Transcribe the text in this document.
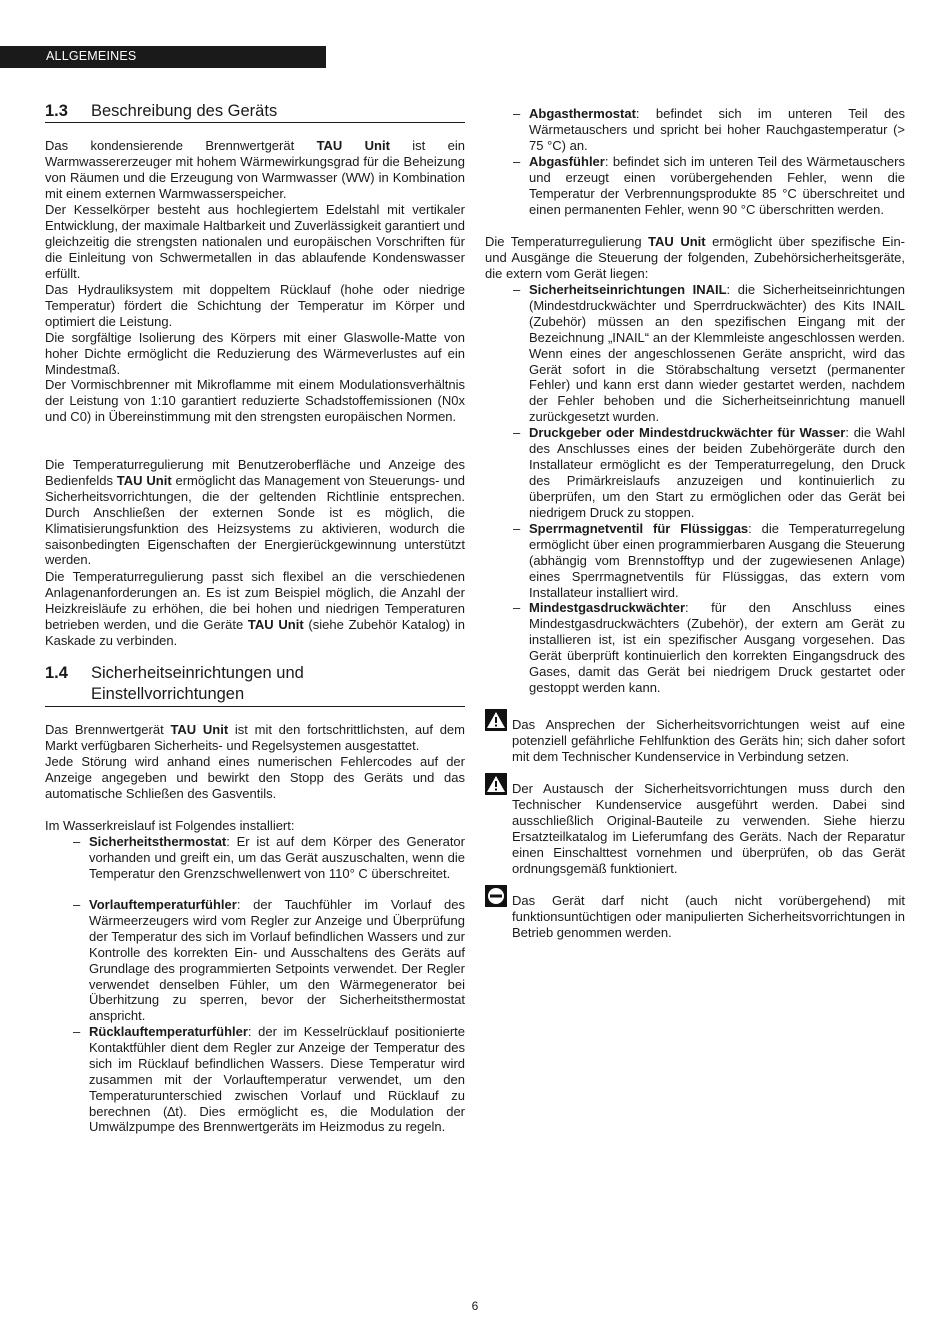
ALLGEMEINES
1.3 Beschreibung des Geräts
Das kondensierende Brennwertgerät TAU Unit ist ein Warmwassererzeuger mit hohem Wärmewirkungsgrad für die Beheizung von Räumen und die Erzeugung von Warmwasser (WW) in Kombination mit einem externen Warmwasserspeicher.
Der Kesselkörper besteht aus hochlegiertem Edelstahl mit vertikaler Entwicklung, der maximale Haltbarkeit und Zuverlässigkeit garantiert und gleichzeitig die strengsten nationalen und europäischen Vorschriften für die Einleitung von Schwermetallen in das ablaufende Kondenswasser erfüllt.
Das Hydrauliksystem mit doppeltem Rücklauf (hohe oder niedrige Temperatur) fördert die Schichtung der Temperatur im Körper und optimiert die Leistung.
Die sorgfältige Isolierung des Körpers mit einer Glaswolle-Matte von hoher Dichte ermöglicht die Reduzierung des Wärmeverlustes auf ein Mindestmaß.
Der Vormischbrenner mit Mikroflamme mit einem Modulationsverhältnis der Leistung von 1:10 garantiert reduzierte Schadstoffemissionen (N0x und C0) in Übereinstimmung mit den strengsten europäischen Normen.
Die Temperaturregulierung mit Benutzeroberfläche und Anzeige des Bedienfelds TAU Unit ermöglicht das Management von Steuerungs- und Sicherheitsvorrichtungen, die der geltenden Richtlinie entsprechen. Durch Anschließen der externen Sonde ist es möglich, die Klimatisierungsfunktion des Heizsystems zu aktivieren, wodurch die saisonbedingten Eigenschaften der Energierückgewinnung unterstützt werden.
Die Temperaturregulierung passt sich flexibel an die verschiedenen Anlagenanforderungen an. Es ist zum Beispiel möglich, die Anzahl der Heizkreisläufe zu erhöhen, die bei hohen und niedrigen Temperaturen betrieben werden, und die Geräte TAU Unit (siehe Zubehör Katalog) in Kaskade zu verbinden.
1.4 Sicherheitseinrichtungen und
Einstellvorrichtungen
Das Brennwertgerät TAU Unit ist mit den fortschrittlichsten, auf dem Markt verfügbaren Sicherheits- und Regelsystemen ausgestattet.
Jede Störung wird anhand eines numerischen Fehlercodes auf der Anzeige angegeben und bewirkt den Stopp des Geräts und das automatische Schließen des Gasventils.
Im Wasserkreislauf ist Folgendes installiert:
– Sicherheitsthermostat: Er ist auf dem Körper des Generator vorhanden und greift ein, um das Gerät auszuschalten, wenn die Temperatur den Grenzschwellenwert von 110° C überschreitet.
– Vorlauftemperaturfühler: der Tauchfühler im Vorlauf des Wärmeerzeugers wird vom Regler zur Anzeige und Überprüfung der Temperatur des sich im Vorlauf befindlichen Wassers und zur Kontrolle des korrekten Ein- und Ausschaltens des Geräts auf Grundlage des programmierten Setpoints verwendet. Der Regler verwendet denselben Fühler, um den Wärmegenerator bei Überhitzung zu sperren, bevor der Sicherheitsthermostat anspricht.
– Rücklauftemperaturfühler: der im Kesselrücklauf positionierte Kontaktfühler dient dem Regler zur Anzeige der Temperatur des sich im Rücklauf befindlichen Wassers. Diese Temperatur wird zusammen mit der Vorlauftemperatur verwendet, um den Temperaturunterschied zwischen Vorlauf und Rücklauf zu berechnen (∆t). Dies ermöglicht es, die Modulation der Umwälzpumpe des Brennwertgeräts im Heizmodus zu regeln.
– Abgasthermostat: befindet sich im unteren Teil des Wärmetauschers und spricht bei hoher Rauchgastemperatur (> 75 °C) an.
– Abgasfühler: befindet sich im unteren Teil des Wärmetauschers und erzeugt einen vorübergehenden Fehler, wenn die Temperatur der Verbrennungsprodukte 85 °C überschreitet und einen permanenten Fehler, wenn 90 °C überschritten werden.
Die Temperaturregulierung TAU Unit ermöglicht über spezifische Ein- und Ausgänge die Steuerung der folgenden, Zubehörsicherheitsgeräte, die extern vom Gerät liegen:
– Sicherheitseinrichtungen INAIL: die Sicherheitseinrichtungen (Mindestdruckwächter und Sperrdruckwächter) des Kits INAIL (Zubehör) müssen an den spezifischen Eingang mit der Bezeichnung „INAIL“ an der Klemmleiste angeschlossen werden. Wenn eines der angeschlossenen Geräte anspricht, wird das Gerät sofort in die Störabschaltung versetzt (permanenter Fehler) und kann erst dann wieder gestartet werden, nachdem der Fehler behoben und die Sicherheitseinrichtung manuell zurückgesetzt wurden.
– Druckgeber oder Mindestdruckwächter für Wasser: die Wahl des Anschlusses eines der beiden Zubehörgeräte durch den Installateur ermöglicht es der Temperaturregelung, den Druck des Primärkreislaufs anzuzeigen und kontinuierlich zu überprüfen, um den Start zu ermöglichen oder das Gerät bei niedrigem Druck zu stoppen.
– Sperrmagnetventil für Flüssiggas: die Temperaturregelung ermöglicht über einen programmierbaren Ausgang die Steuerung (abhängig vom Brennstofftyp und der zugewiesenen Anlage) eines Sperrmagnetventils für Flüssiggas, das extern vom Installateur installiert wird.
– Mindestgasdruckwächter: für den Anschluss eines Mindestgasdruckwächters (Zubehör), der extern am Gerät zu installieren ist, ist ein spezifischer Ausgang vorgesehen. Das Gerät überprüft kontinuierlich den korrekten Eingangsdruck des Gases, damit das Gerät bei niedrigem Druck gestartet oder gestoppt werden kann.
Das Ansprechen der Sicherheitsvorrichtungen weist auf eine potenziell gefährliche Fehlfunktion des Geräts hin; sich daher sofort mit dem Technischer Kundenservice in Verbindung setzen.
Der Austausch der Sicherheitsvorrichtungen muss durch den Technischer Kundenservice ausgeführt werden. Dabei sind ausschließlich Original-Bauteile zu verwenden. Siehe hierzu Ersatzteilkatalog im Lieferumfang des Geräts. Nach der Reparatur einen Einschalttest vornehmen und überprüfen, ob das Gerät ordnungsgemäß funktioniert.
Das Gerät darf nicht (auch nicht vorübergehend) mit funktionsuntüchtigen oder manipulierten Sicherheitsvorrichtungen in Betrieb genommen werden.
6
